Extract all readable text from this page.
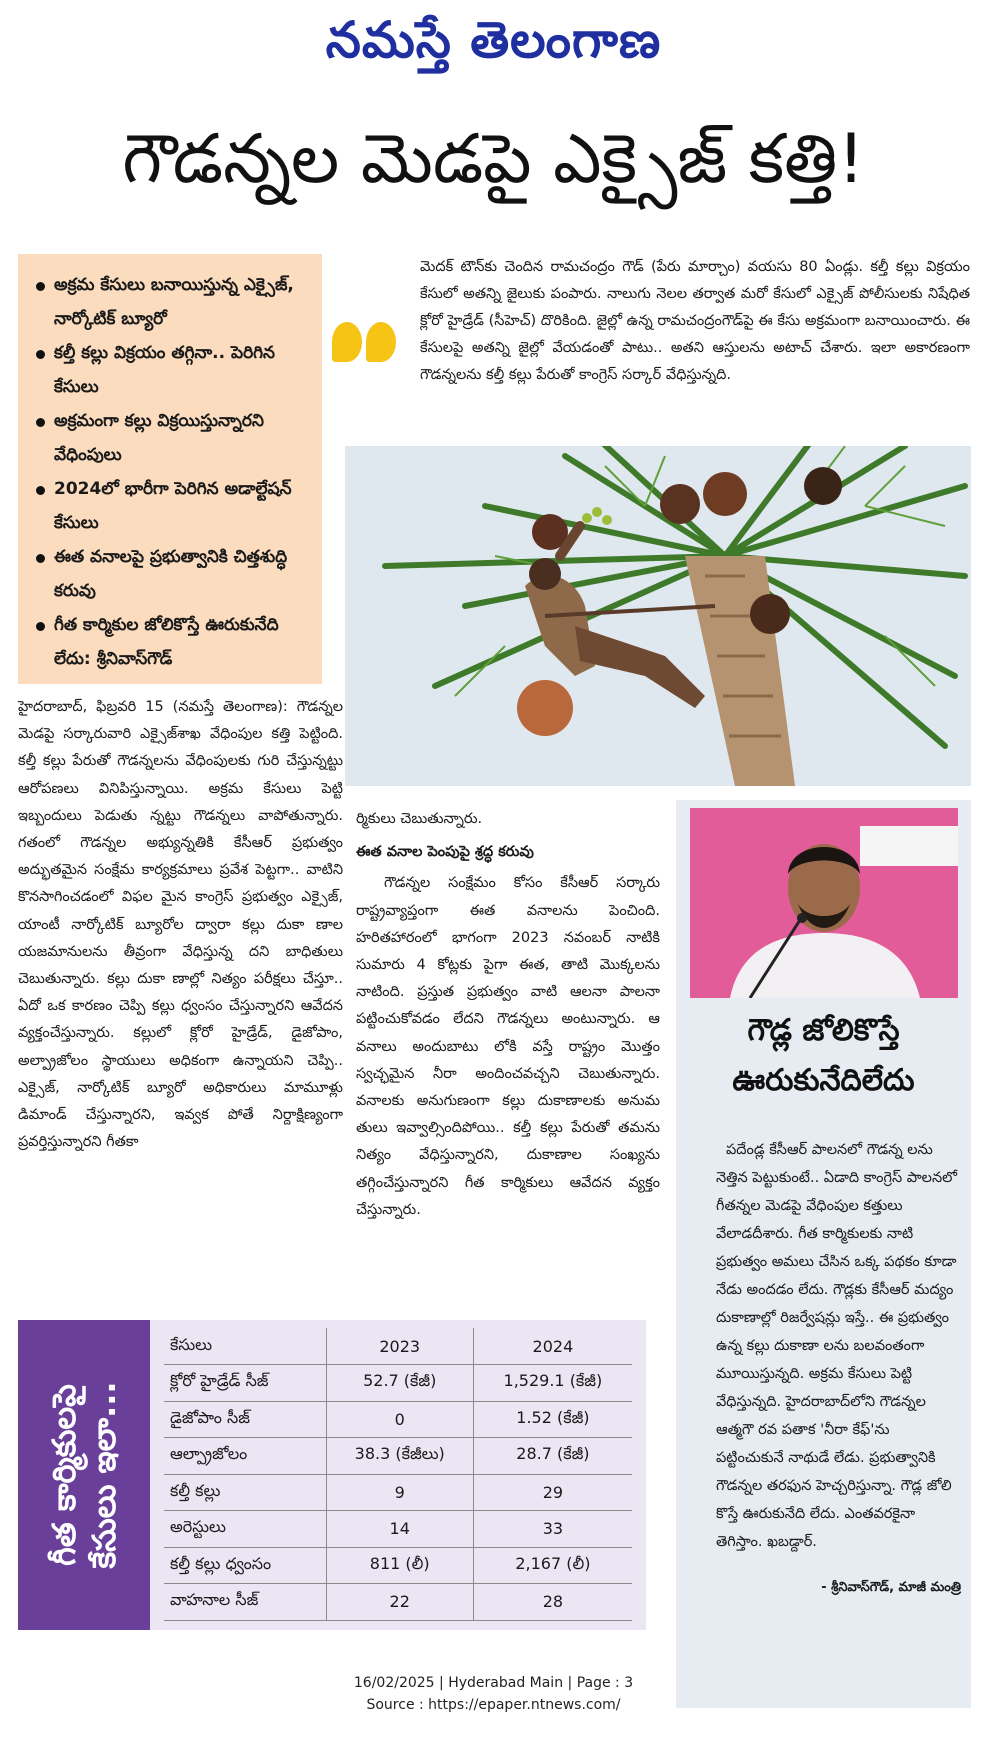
నమస్తే తెలంగాణ
గౌడన్నల మెడపై ఎక్సైజ్ కత్తి!
అక్రమ కేసులు బనాయిస్తున్న ఎక్సైజ్, నార్కోటిక్ బ్యూరో
కల్తీ కల్లు విక్రయం తగ్గినా.. పెరిగిన కేసులు
అక్రమంగా కల్లు విక్రయిస్తున్నారని వేధింపులు
2024లో భారీగా పెరిగిన అడాల్టేషన్ కేసులు
ఈత వనాలపై ప్రభుత్వానికి చిత్తశుద్ధి కరువు
గీత కార్మికుల జోలికొస్తే ఊరుకునేది లేదు: శ్రీనివాస్‌గౌడ్

మెదక్ టౌన్‌కు చెందిన రామచంద్రం గౌడ్ (పేరు మార్చాం) వయసు 80 ఏండ్లు. కల్తీ కల్లు విక్రయం కేసులో అతన్ని జైలుకు పంపారు. నాలుగు నెలల తర్వాత మరో కేసులో ఎక్సైజ్ పోలీసులకు నిషేధిత క్లోరో హైడ్రేడ్ (సీహెచ్) దొరికింది. జైల్లో ఉన్న రామచంద్రంగౌడ్‌పై ఈ కేసు అక్రమంగా బనాయించారు. ఈ కేసులపై అతన్ని జైల్లో వేయడంతో పాటు.. అతని ఆస్తులను అటాచ్ చేశారు. ఇలా అకారణంగా గౌడన్నలను కల్తీ కల్లు పేరుతో కాంగ్రెస్ సర్కార్ వేధిస్తున్నది.

హైదరాబాద్, ఫిబ్రవరి 15 (నమస్తే తెలంగాణ): గౌడన్నల మెడపై సర్కారువారి ఎక్సైజ్‌శాఖ వేధింపుల కత్తి పెట్టింది. కల్తీ కల్లు పేరుతో గౌడన్నలను వేధింపులకు గురి చేస్తున్నట్టు ఆరోపణలు వినిపిస్తున్నాయి. అక్రమ కేసులు పెట్టి ఇబ్బందులు పెడుతు న్నట్టు గౌడన్నలు వాపోతున్నారు. గతంలో గౌడన్నల అభ్యున్నతికి కేసీఆర్ ప్రభుత్వం అద్భుతమైన సంక్షేమ కార్యక్రమాలు ప్రవేశ పెట్టగా.. వాటిని కొనసాగించడంలో విఫల మైన కాంగ్రెస్ ప్రభుత్వం ఎక్సైజ్, యాంటీ నార్కోటిక్ బ్యూరోల ద్వారా కల్లు దుకా ణాల యజమానులను తీవ్రంగా వేధిస్తున్న దని బాధితులు చెబుతున్నారు. కల్లు దుకా ణాల్లో నిత్యం పరీక్షలు చేస్తూ.. ఏదో ఒక కారణం చెప్పి కల్లు ధ్వంసం చేస్తున్నారని ఆవేదన వ్యక్తంచేస్తున్నారు. కల్లులో క్లోరో హైడ్రేడ్, డైజోపాం, అల్ప్రాజోలం స్థాయులు అధికంగా ఉన్నాయని చెప్పి.. ఎక్సైజ్, నార్కోటిక్ బ్యూరో అధికారులు మామూళ్లు డిమాండ్ చేస్తున్నారని, ఇవ్వక పోతే నిర్దాక్షిణ్యంగా ప్రవర్తిస్తున్నారని గీతకా

ర్మికులు చెబుతున్నారు.

ఈత వనాల పెంపుపై శ్రద్ధ కరువు

గౌడన్నల సంక్షేమం కోసం కేసీఆర్ సర్కారు రాష్ట్రవ్యాప్తంగా ఈత వనాలను పెంచింది. హరితహారంలో భాగంగా 2023 నవంబర్ నాటికి సుమారు 4 కోట్లకు పైగా ఈత, తాటి మొక్కలను నాటింది. ప్రస్తుత ప్రభుత్వం వాటి ఆలనా పాలనా పట్టించుకోవడం లేదని గౌడన్నలు అంటున్నారు. ఆ వనాలు అందుబాటు లోకి వస్తే రాష్ట్రం మొత్తం స్వచ్ఛమైన నీరా అందించవచ్చని చెబుతున్నారు. వనాలకు అనుగుణంగా కల్లు దుకాణాలకు అనుమ తులు ఇవ్వాల్సిందిపోయి.. కల్తీ కల్లు పేరుతో తమను నిత్యం వేధిస్తున్నారని, దుకాణాల సంఖ్యను తగ్గించేస్తున్నారని గీత కార్మికులు ఆవేదన వ్యక్తం చేస్తున్నారు.

గౌడ్ల జోలికొస్తే
ఊరుకునేదిలేదు

పదేండ్ల కేసీఆర్ పాలనలో గౌడన్న లను నెత్తిన పెట్టుకుంటే.. ఏడాది కాంగ్రెస్ పాలనలో గీతన్నల మెడపై వేధింపుల కత్తులు వేలాడదీశారు. గీత కార్మికులకు నాటి ప్రభుత్వం అమలు చేసిన ఒక్క పథకం కూడా నేడు అందడం లేదు. గౌడ్లకు కేసీఆర్ మద్యం దుకాణాల్లో రిజర్వేషన్లు ఇస్తే.. ఈ ప్రభుత్వం ఉన్న కల్లు దుకాణా లను బలవంతంగా మూయిస్తున్నది. అక్రమ కేసులు పెట్టి వేధిస్తున్నది. హైదరాబాద్‌లోని గౌడన్నల ఆత్మగౌ రవ పతాక 'నీరా కేఫ్'ను పట్టించుకునే నాథుడే లేడు. ప్రభుత్వానికి గౌడన్నల తరఫున హెచ్చరిస్తున్నా. గౌడ్ల జోలి కొస్తే ఊరుకునేది లేదు. ఎంతవరకైనా తెగిస్తాం. ఖబడ్దార్.

- శ్రీనివాస్‌గౌడ్, మాజీ మంత్రి
గీత కార్మికులపై కేసులు ఇలా...
కేసులు	2023	2024
క్లోరో హైడ్రేడ్ సీజ్	52.7 (కేజీ)	1,529.1 (కేజీ)
డైజోపాం సీజ్	0	1.52 (కేజీ)
ఆల్ప్రాజోలం	38.3 (కేజీలు)	28.7 (కేజీ)
కల్తీ కల్లు	9	29
అరెస్టులు	14	33
కల్తీ కల్లు ధ్వంసం	811 (లీ)	2,167 (లీ)
వాహనాల సీజ్	22	28
16/02/2025 | Hyderabad Main | Page : 3
Source : https://epaper.ntnews.com/
